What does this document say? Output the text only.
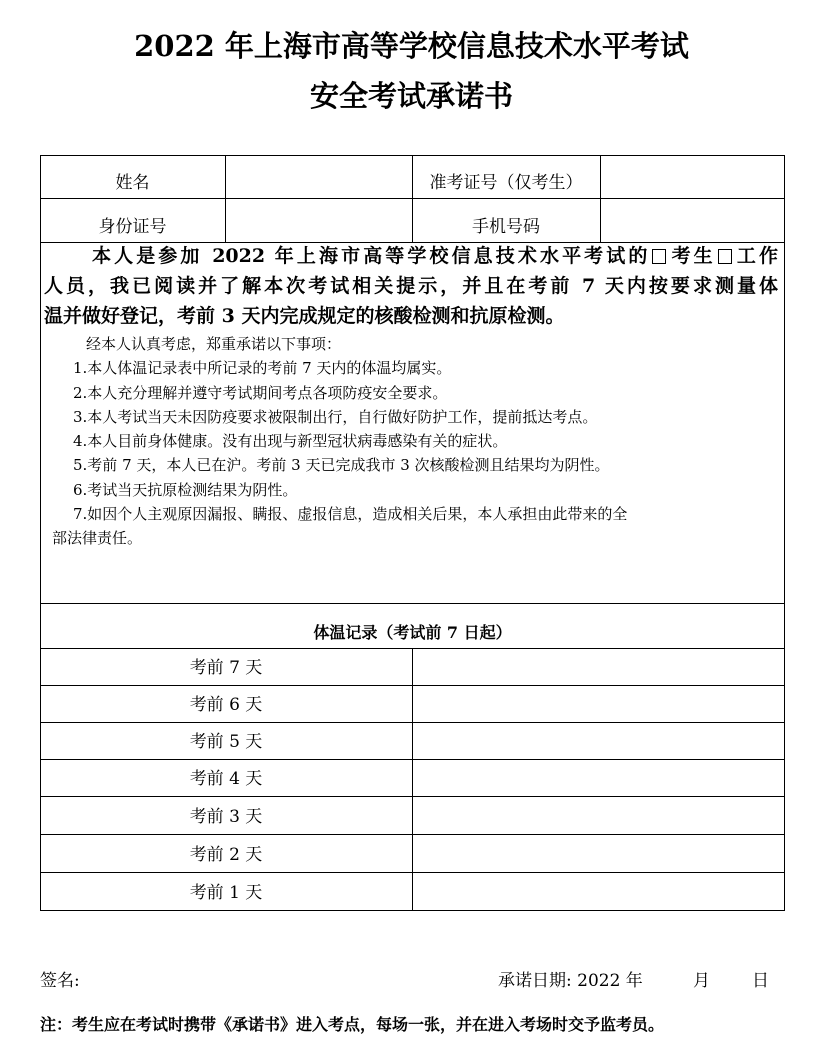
2022 年上海市高等学校信息技术水平考试
安全考试承诺书
姓名	准考证号（仅考生）
身份证号	手机号码
本人是参加 2022 年上海市高等学校信息技术水平考试的 考生 工作
人员，我已阅读并了解本次考试相关提示，并且在考前 7 天内按要求测量体
温并做好登记，考前 3 天内完成规定的核酸检测和抗原检测。
经本人认真考虑，郑重承诺以下事项：
1.本人体温记录表中所记录的考前 7 天内的体温均属实。
2.本人充分理解并遵守考试期间考点各项防疫安全要求。
3.本人考试当天未因防疫要求被限制出行，自行做好防护工作，提前抵达考点。
4.本人目前身体健康。没有出现与新型冠状病毒感染有关的症状。
5.考前 7 天，本人已在沪。考前 3 天已完成我市 3 次核酸检测且结果均为阴性。
6.考试当天抗原检测结果为阴性。
7.如因个人主观原因漏报、瞒报、虚报信息，造成相关后果，本人承担由此带来的全
部法律责任。
体温记录（考试前 7 日起）
考前 7 天
考前 6 天
考前 5 天
考前 4 天
考前 3 天
考前 2 天
考前 1 天
签名:	承诺日期: 2022 年	月 日
注：考生应在考试时携带《承诺书》进入考点，每场一张，并在进入考场时交予监考员。
